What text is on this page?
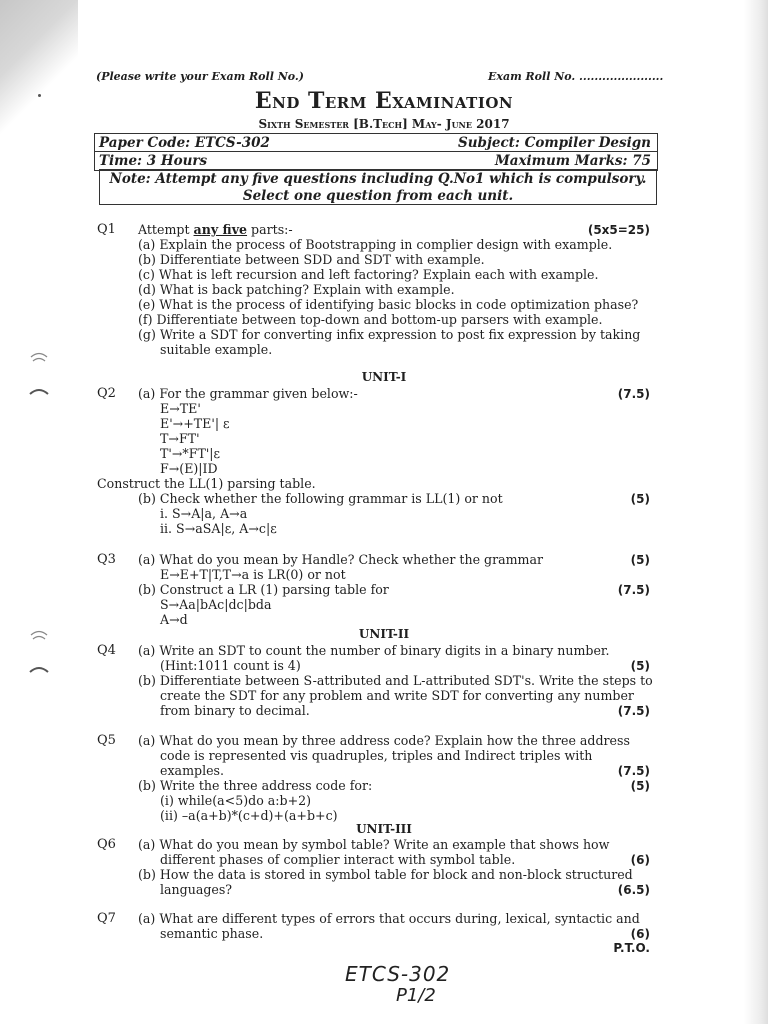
(Please write your Exam Roll No.)	Exam Roll No. ......................
End Term Examination
Sixth Semester [B.Tech] May- June 2017
Paper Code: ETCS-302	Subject: Compiler Design
Time: 3 Hours	Maximum Marks: 75
Note: Attempt any five questions including Q.No1 which is compulsory.
Select one question from each unit.
Q1 Attempt any five parts:-	(5x5=25)
(a) Explain the process of Bootstrapping in complier design with example.
(b) Differentiate between SDD and SDT with example.
(c) What is left recursion and left factoring? Explain each with example.
(d) What is back patching? Explain with example.
(e) What is the process of identifying basic blocks in code optimization phase?
(f) Differentiate between top-down and bottom-up parsers with example.
(g) Write a SDT for converting infix expression to post fix expression by taking
suitable example.
UNIT-I
Q2 (a) For the grammar given below:-	(7.5)
E→TE'
E'→+TE'| ε
T→FT'
T'→*FT'|ε
F→(E)|ID
Construct the LL(1) parsing table.
(b) Check whether the following grammar is LL(1) or not	(5)
i. S→A|a, A→a
ii. S→aSA|ε, A→c|ε
Q3 (a) What do you mean by Handle? Check whether the grammar	(5)
E→E+T|T,T→a is LR(0) or not
(b) Construct a LR (1) parsing table for	(7.5)
S→Aa|bAc|dc|bda
A→d
UNIT-II
Q4 (a) Write an SDT to count the number of binary digits in a binary number.
(Hint:1011 count is 4)	(5)
(b) Differentiate between S-attributed and L-attributed SDT's. Write the steps to
create the SDT for any problem and write SDT for converting any number
from binary to decimal.	(7.5)
Q5 (a) What do you mean by three address code? Explain how the three address
code is represented vis quadruples, triples and Indirect triples with
examples.	(7.5)
(b) Write the three address code for:	(5)
(i) while(a<5)do a:b+2)
(ii) –a(a+b)*(c+d)+(a+b+c)
UNIT-III
Q6 (a) What do you mean by symbol table? Write an example that shows how
different phases of complier interact with symbol table.	(6)
(b) How the data is stored in symbol table for block and non-block structured
languages?	(6.5)
Q7 (a) What are different types of errors that occurs during, lexical, syntactic and
semantic phase.	(6)
P.T.O.
ETCS-302
P1/2
